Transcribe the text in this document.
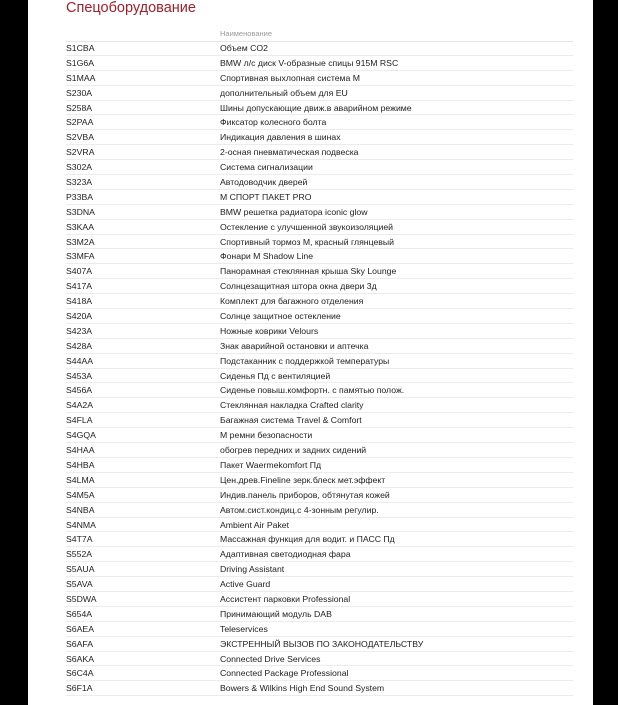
Спецоборудование
Наименование
S1CBA	Объем CO2
S1G6A	BMW л/с диск V-образные спицы 915M RSC
S1MAA	Спортивная выхлопная система M
S230A	дополнительный объем для EU
S258A	Шины допускающие движ.в аварийном режиме
S2PAA	Фиксатор колесного болта
S2VBA	Индикация давления в шинах
S2VRA	2-осная пневматическая подвеска
S302A	Система сигнализации
S323A	Автодоводчик дверей
P33BA	M СПОРТ ПАКЕТ PRO
S3DNA	BMW решетка радиатора iconic glow
S3KAA	Остекление с улучшенной звукоизоляцией
S3M2A	Спортивный тормоз M, красный глянцевый
S3MFA	Фонари M Shadow Line
S407A	Панорамная стеклянная крыша Sky Lounge
S417A	Солнцезащитная штора окна двери 3д
S418A	Комплект для багажного отделения
S420A	Солнце защитное остекление
S423A	Ножные коврики Velours
S428A	Знак аварийной остановки и аптечка
S44AA	Подстаканник с поддержкой температуры
S453A	Сиденья Пд с вентиляцией
S456A	Сиденье повыш.комфортн. с памятью полож.
S4A2A	Стеклянная накладка Crafted clarity
S4FLA	Багажная система Travel & Comfort
S4GQA	M ремни безопасности
S4HAA	обогрев передних и задних сидений
S4HBA	Пакет Waermekomfort Пд
S4LMA	Цен.древ.Fineline зерк.блеск мет.эффект
S4M5A	Индив.панель приборов, обтянутая кожей
S4NBA	Автом.сист.кондиц.с 4-зонным регулир.
S4NMA	Ambient Air Paket
S4T7A	Массажная функция для водит. и ПАСС Пд
S552A	Адаптивная светодиодная фара
S5AUA	Driving Assistant
S5AVA	Active Guard
S5DWA	Ассистент парковки Professional
S654A	Принимающий модуль DAB
S6AEA	Teleservices
S6AFA	ЭКСТРЕННЫЙ ВЫЗОВ ПО ЗАКОНОДАТЕЛЬСТВУ
S6AKA	Connected Drive Services
S6C4A	Connected Package Professional
S6F1A	Bowers & Wilkins High End Sound System
